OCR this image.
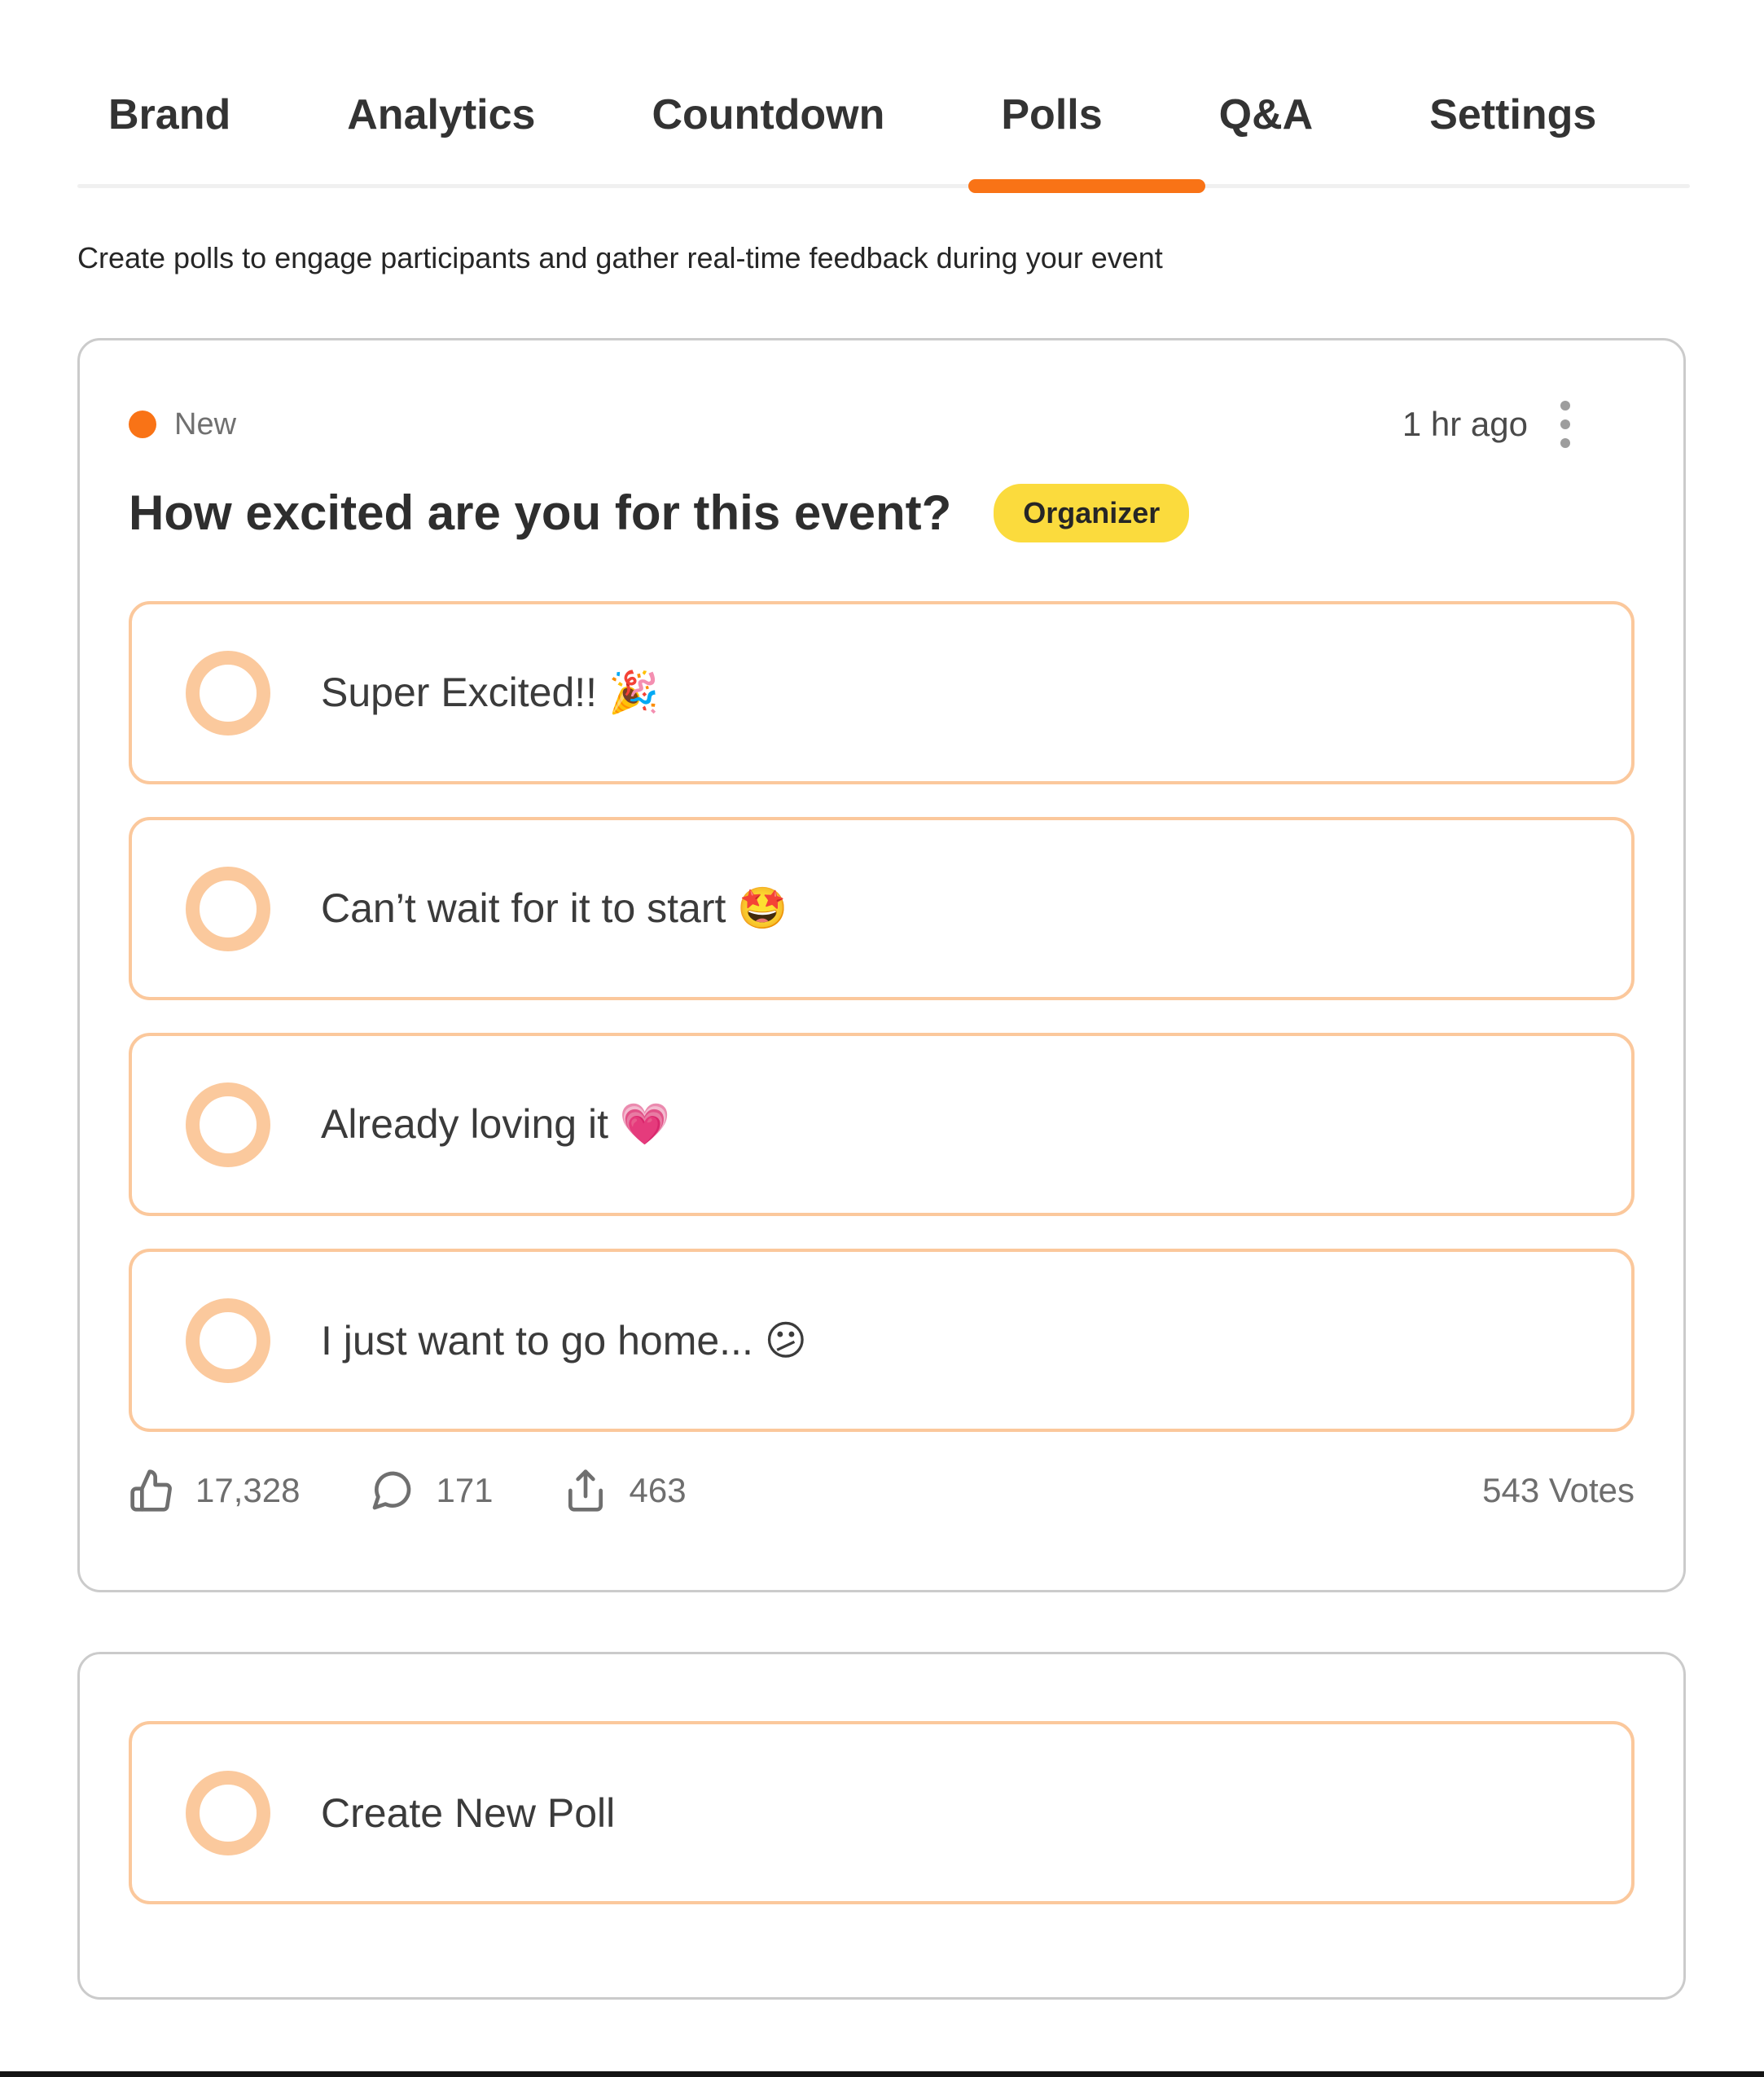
Brand	Analytics	Countdown	Polls	Q&A	Settings

Create polls to engage participants and gather real-time feedback during your event

New	1 hr ago
How excited are you for this event?	Organizer
Super Excited!! 🎉
Can’t wait for it to start 🤩
Already loving it 💗
I just want to go home... 😕
17,328	171	463	543 Votes
Create New Poll
